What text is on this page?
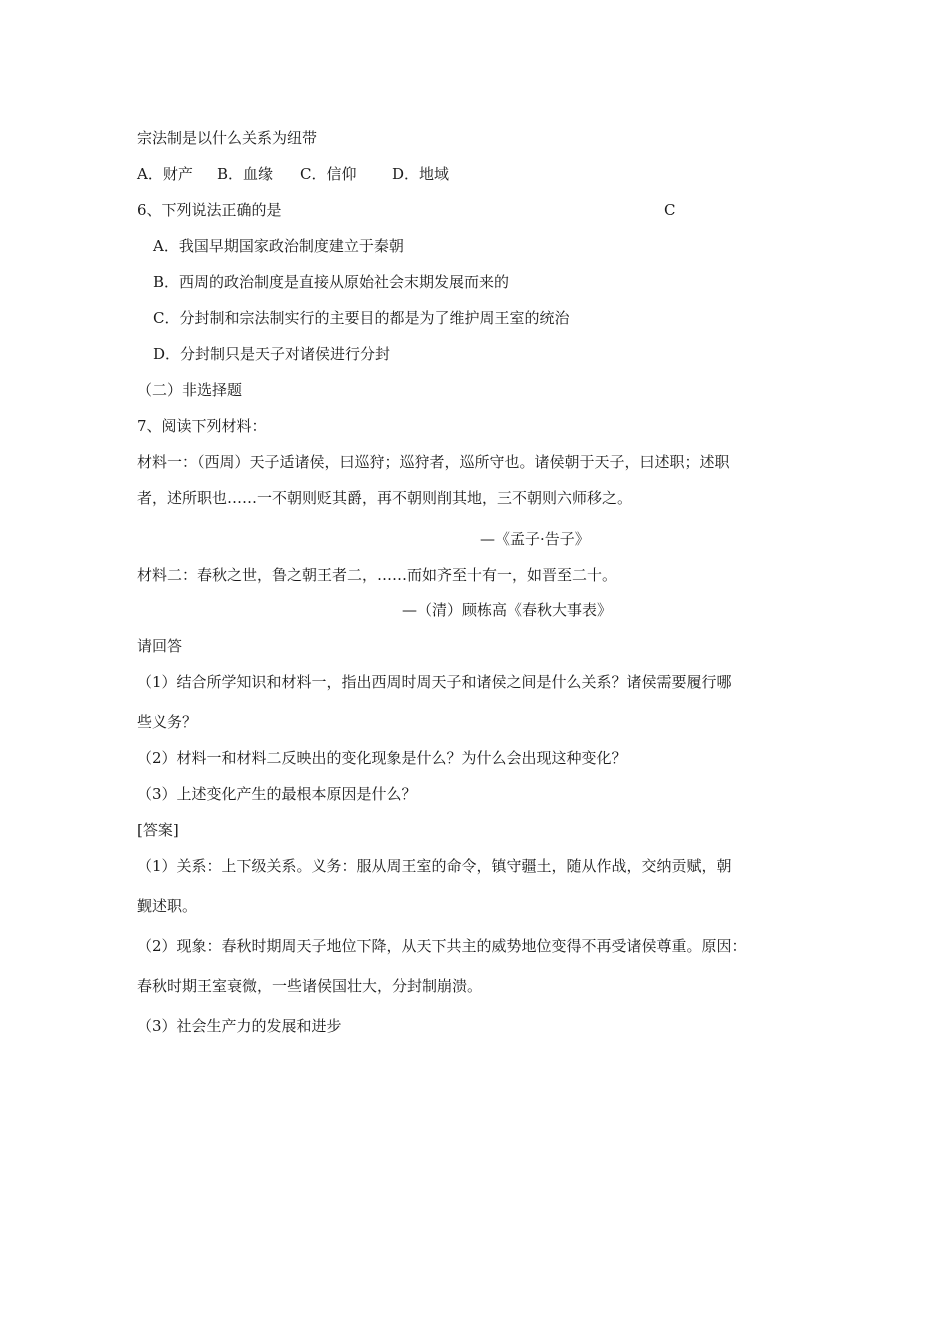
宗法制是以什么关系为纽带
A．财产 B．血缘 C．信仰 D．地域
6、下列说法正确的是	C
A．我国早期国家政治制度建立于秦朝
B．西周的政治制度是直接从原始社会末期发展而来的
C．分封制和宗法制实行的主要目的都是为了维护周王室的统治
D．分封制只是天子对诸侯进行分封
（二）非选择题
7、阅读下列材料：
材料一：（西周）天子适诸侯，曰巡狩；巡狩者，巡所守也。诸侯朝于天子，曰述职；述职
者，述所职也……一不朝则贬其爵，再不朝则削其地，三不朝则六师移之。
—《孟子·告子》
材料二：春秋之世，鲁之朝王者二，……而如齐至十有一，如晋至二十。
—（清）顾栋高《春秋大事表》
请回答
（1）结合所学知识和材料一，指出西周时周天子和诸侯之间是什么关系？诸侯需要履行哪
些义务？
（2）材料一和材料二反映出的变化现象是什么？为什么会出现这种变化？
（3）上述变化产生的最根本原因是什么？
[答案]
（1）关系：上下级关系。义务：服从周王室的命令，镇守疆土，随从作战，交纳贡赋，朝
觐述职。
（2）现象：春秋时期周天子地位下降，从天下共主的威势地位变得不再受诸侯尊重。原因：
春秋时期王室衰微，一些诸侯国壮大，分封制崩溃。
（3）社会生产力的发展和进步
